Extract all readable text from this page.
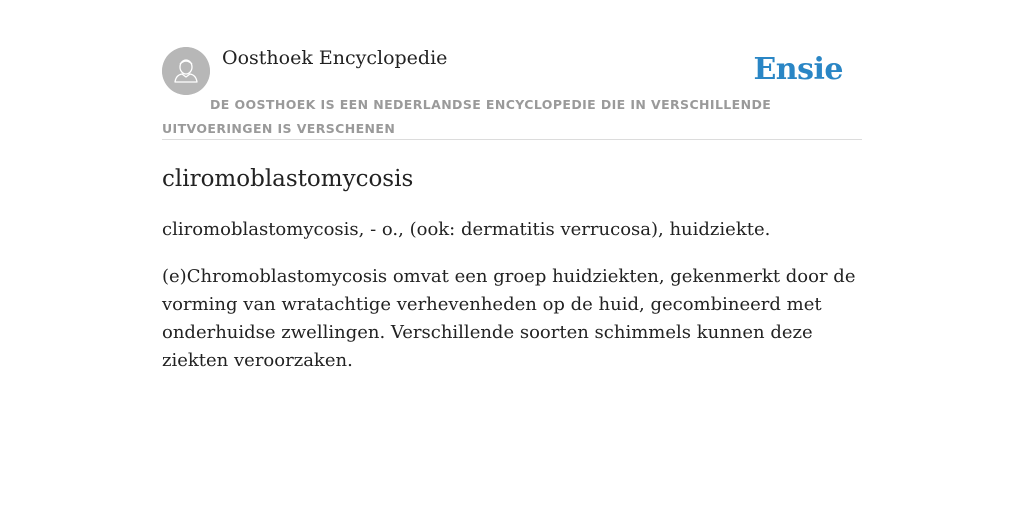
Oosthoek Encyclopedie	Ensie
DE OOSTHOEK IS EEN NEDERLANDSE ENCYCLOPEDIE DIE IN VERSCHILLENDE UITVOERINGEN IS VERSCHENEN
cliromoblastomycosis

cliromoblastomycosis, - o., (ook: dermatitis verrucosa), huidziekte.

(e)Chromoblastomycosis omvat een groep huidziekten, gekenmerkt door de vorming van wratachtige verhevenheden op de huid, gecombineerd met onderhuidse zwellingen. Verschillende soorten schimmels kunnen deze ziekten veroorzaken.
